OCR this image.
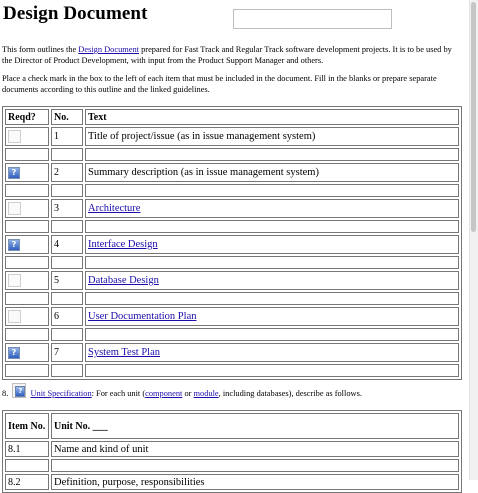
Design Document

This form outlines the Design Document prepared for Fast Track and Regular Track software development projects. It is to be used by the Director of Product Development, with input from the Product Support Manager and others.

Place a check mark in the box to the left of each item that must be included in the document. Fill in the blanks or prepare separate documents according to this outline and the linked guidelines.

Reqd?	No.	Text
	1	Title of project/issue (as in issue management system)

?	2	Summary description (as in issue management system)

	3	Architecture

?	4	Interface Design

	5	Database Design

	6	User Documentation Plan

?	7	System Test Plan

8.	? Unit Specification: For each unit (component or module, including databases), describe as follows.
Item No.	Unit No. ___
8.1	Name and kind of unit

8.2	Definition, purpose, responsibilities
